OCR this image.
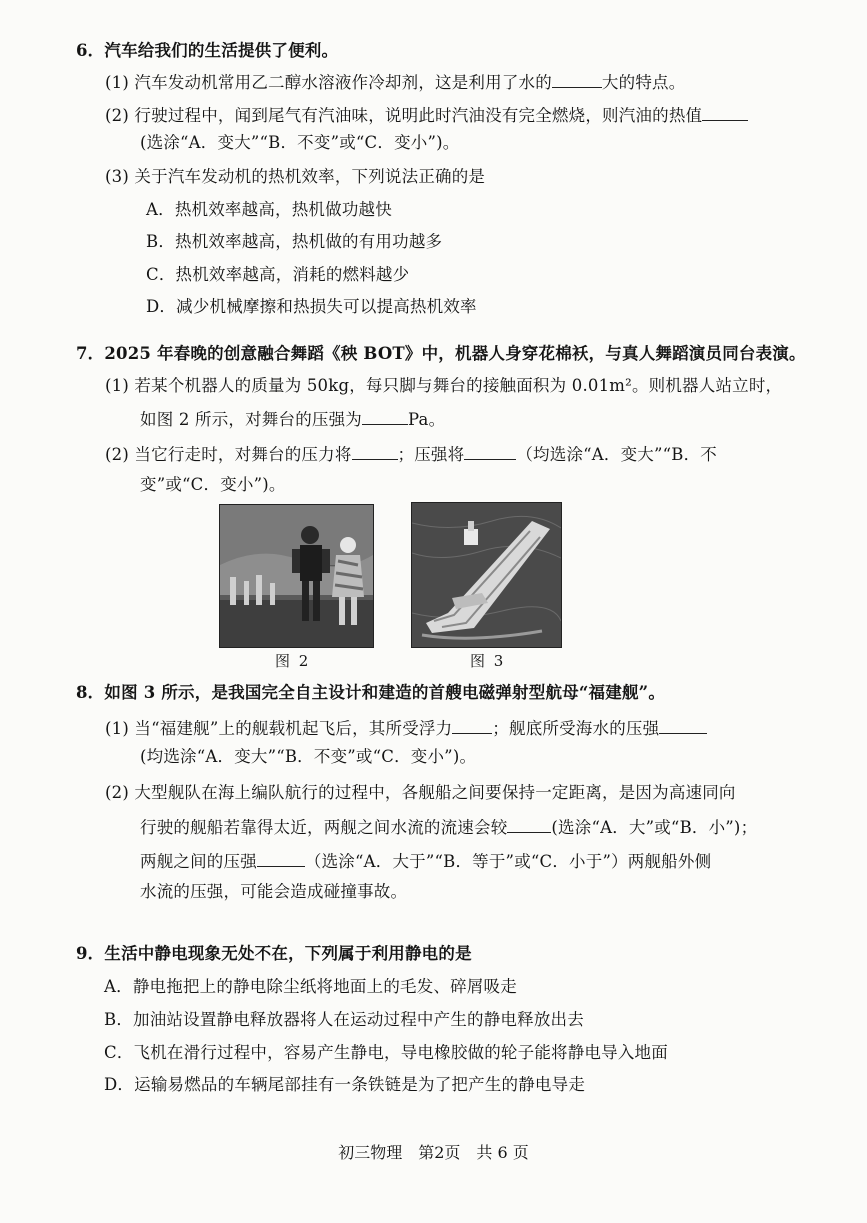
6．汽车给我们的生活提供了便利。
(1) 汽车发动机常用乙二醇水溶液作冷却剂，这是利用了水的	大的特点。
(2) 行驶过程中，闻到尾气有汽油味，说明此时汽油没有完全燃烧，则汽油的热值
(选涂“A．变大”“B．不变”或“C．变小”)。
(3) 关于汽车发动机的热机效率，下列说法正确的是
A．热机效率越高，热机做功越快
B．热机效率越高，热机做的有用功越多
C．热机效率越高，消耗的燃料越少
D．减少机械摩擦和热损失可以提高热机效率
7．2025 年春晚的创意融合舞蹈《秧 BOT》中，机器人身穿花棉袄，与真人舞蹈演员同台表演。
(1) 若某个机器人的质量为 50kg，每只脚与舞台的接触面积为 0.01m²。则机器人站立时，
如图 2 所示，对舞台的压强为	Pa。
(2) 当它行走时，对舞台的压力将	；压强将	（均选涂“A．变大”“B．不
变”或“C．变小”)。
图 2	图 3
8．如图 3 所示，是我国完全自主设计和建造的首艘电磁弹射型航母“福建舰”。
(1) 当“福建舰”上的舰载机起飞后，其所受浮力 ；舰底所受海水的压强
(均选涂“A．变大”“B．不变”或“C．变小”)。
(2) 大型舰队在海上编队航行的过程中，各舰船之间要保持一定距离，是因为高速同向
行驶的舰船若靠得太近，两舰之间水流的流速会较	(选涂“A．大”或“B．小”)；
两舰之间的压强	（选涂“A．大于”“B．等于”或“C．小于”）两舰船外侧
水流的压强，可能会造成碰撞事故。
9．生活中静电现象无处不在，下列属于利用静电的是
A．静电拖把上的静电除尘纸将地面上的毛发、碎屑吸走
B．加油站设置静电释放器将人在运动过程中产生的静电释放出去
C．飞机在滑行过程中，容易产生静电，导电橡胶做的轮子能将静电导入地面
D．运输易燃品的车辆尾部挂有一条铁链是为了把产生的静电导走
初三物理　第2页　共 6 页
